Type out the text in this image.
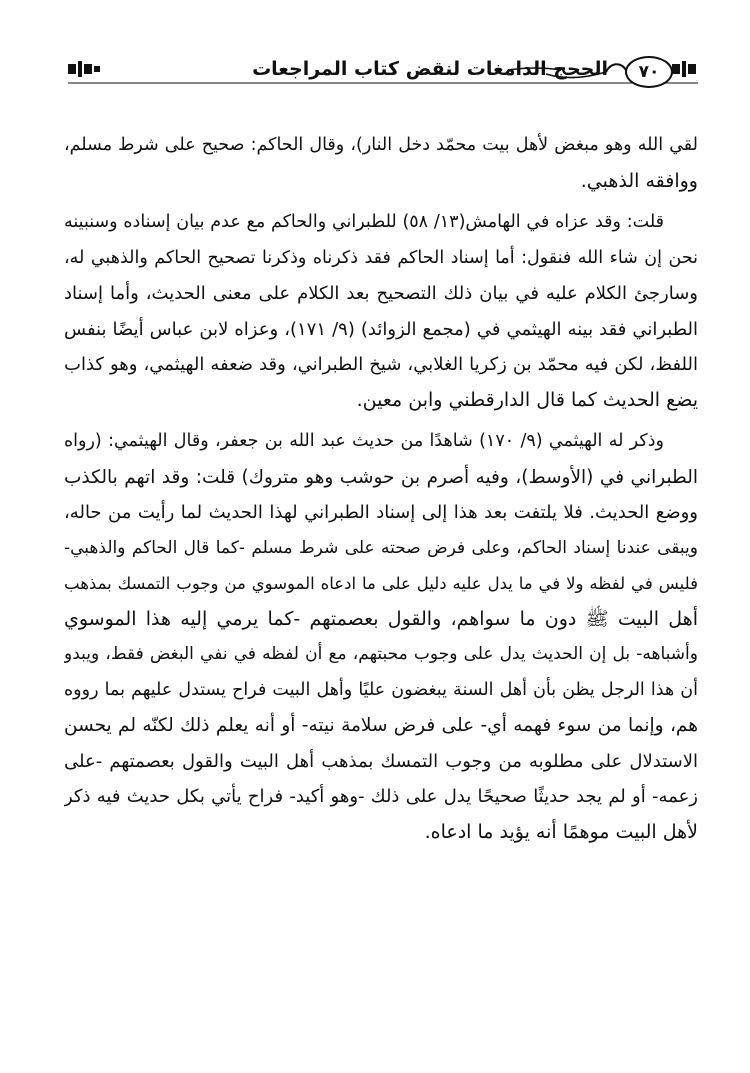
الحجج الدامغات لنقض كتاب المراجعات	٧٠
لقي الله وهو مبغض لأهل بيت محمّد دخل النار)، وقال الحاكم: صحيح على شرط مسلم،
ووافقه الذهبي.
قلت: وقد عزاه في الهامش(١٣/ ٥٨) للطبراني والحاكم مع عدم بيان إسناده وسنبينه
نحن إن شاء الله فنقول: أما إسناد الحاكم فقد ذكرناه وذكرنا تصحيح الحاكم والذهبي له،
وسارجئ الكلام عليه في بيان ذلك التصحيح بعد الكلام على معنى الحديث، وأما إسناد
الطبراني فقد بينه الهيثمي في (مجمع الزوائد) (٩/ ١٧١)، وعزاه لابن عباس أيضًا بنفس
اللفظ، لكن فيه محمّد بن زكريا الغلابي، شيخ الطبراني، وقد ضعفه الهيثمي، وهو كذاب
يضع الحديث كما قال الدارقطني وابن معين.
وذكر له الهيثمي (٩/ ١٧٠) شاهدًا من حديث عبد الله بن جعفر، وقال الهيثمي: (رواه
الطبراني في (الأوسط)، وفيه أصرم بن حوشب وهو متروك) قلت: وقد اتهم بالكذب
ووضع الحديث. فلا يلتفت بعد هذا إلى إسناد الطبراني لهذا الحديث لما رأيت من حاله،
ويبقى عندنا إسناد الحاكم، وعلى فرض صحته على شرط مسلم -كما قال الحاكم والذهبي-
فليس في لفظه ولا في ما يدل عليه دليل على ما ادعاه الموسوي من وجوب التمسك بمذهب
أهل البيت ﷺ دون ما سواهم، والقول بعصمتهم -كما يرمي إليه هذا الموسوي
وأشباهه- بل إن الحديث يدل على وجوب محبتهم، مع أن لفظه في نفي البغض فقط، ويبدو
أن هذا الرجل يظن بأن أهل السنة يبغضون عليًا وأهل البيت فراح يستدل عليهم بما رووه
هم، وإنما من سوء فهمه أي- على فرض سلامة نيته- أو أنه يعلم ذلك لكنّه لم يحسن
الاستدلال على مطلوبه من وجوب التمسك بمذهب أهل البيت والقول بعصمتهم -على
زعمه- أو لم يجد حديثًا صحيحًا يدل على ذلك -وهو أكيد- فراح يأتي بكل حديث فيه ذكر
لأهل البيت موهمًا أنه يؤيد ما ادعاه.
